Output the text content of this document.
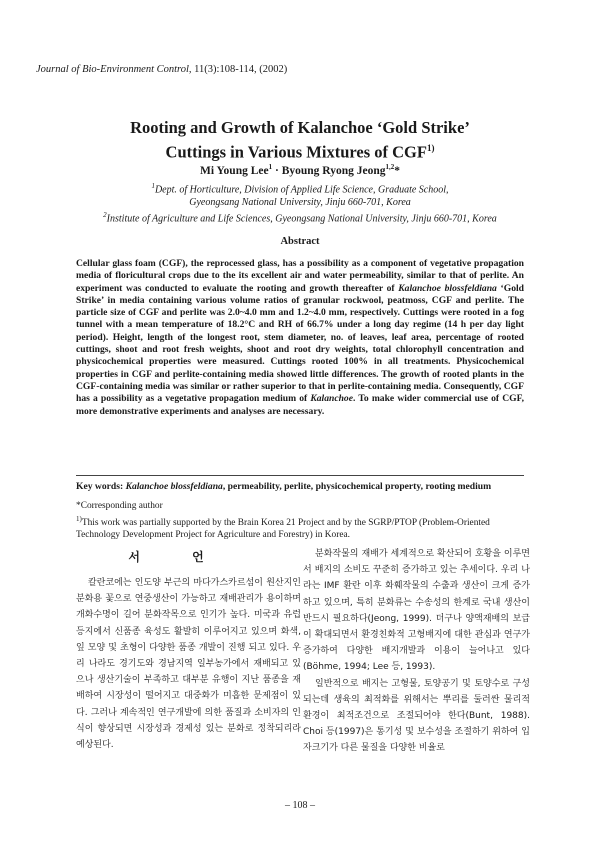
Journal of Bio-Environment Control, 11(3):108-114, (2002)
Rooting and Growth of Kalanchoe ‘Gold Strike’
Cuttings in Various Mixtures of CGF$^{1)}$
Mi Young Lee$^1$ · Byoung Ryong Jeong$^{1,2}$*
$^1$Dept. of Horticulture, Division of Applied Life Science, Graduate School,
Gyeongsang National University, Jinju 660-701, Korea
$^2$Institute of Agriculture and Life Sciences, Gyeongsang National University, Jinju 660-701, Korea
Abstract
Cellular glass foam (CGF), the reprocessed glass, has a possibility as a component of vegetative propagation media of floricultural crops due to the its excellent air and water permeability, similar to that of perlite. An experiment was conducted to evaluate the rooting and growth thereafter of Kalanchoe blossfeldiana ‘Gold Strike’ in media containing various volume ratios of granular rockwool, peatmoss, CGF and perlite. The particle size of CGF and perlite was 2.0~4.0 mm and 1.2~4.0 mm, respectively. Cuttings were rooted in a fog tunnel with a mean temperature of 18.2°C and RH of 66.7% under a long day regime (14 h per day light period). Height, length of the longest root, stem diameter, no. of leaves, leaf area, percentage of rooted cuttings, shoot and root fresh weights, shoot and root dry weights, total chlorophyll concentration and physicochemical properties were measured. Cuttings rooted 100% in all treatments. Physicochemical properties in CGF and perlite-containing media showed little differences. The growth of rooted plants in the CGF-containing media was similar or rather superior to that in perlite-containing media. Consequently, CGF has a possibility as a vegetative propagation medium of Kalanchoe. To make wider commercial use of CGF, more demonstrative experiments and analyses are necessary.
Key words: Kalanchoe blossfeldiana, permeability, perlite, physicochemical property, rooting medium

*Corresponding author

$^{1)}$This work was partially supported by the Brain Korea 21 Project and by the SGRP/PTOP (Problem-Oriented Technology Development Project for Agriculture and Forestry) in Korea.

서 언

칼란코에는 인도양 부근의 마다가스카르섬이 원산지인 분화용 꽃으로 연중생산이 가능하고 재배관리가 용이하며 개화수명이 길어 분화작목으로 인기가 높다. 미국과 유럽 등지에서 신품종 육성도 활발히 이루어지고 있으며 화색, 잎 모양 및 초형이 다양한 품종 개발이 진행 되고 있다. 우리 나라도 경기도와 경남지역 일부농가에서 재배되고 있으나 생산기술이 부족하고 대부분 유행이 지난 품종을 재배하여 시장성이 떨어지고 대중화가 미흡한 문제점이 있다. 그러나 계속적인 연구개발에 의한 품질과 소비자의 인식이 향상되면 시장성과 경제성 있는 분화로 정착되리라 예상된다.

분화작물의 재배가 세계적으로 확산되어 호황을 이루면서 배지의 소비도 꾸준히 증가하고 있는 추세이다. 우리 나라는 IMF 환란 이후 화훼작물의 수출과 생산이 크게 증가하고 있으며, 특히 분화류는 수송성의 한계로 국내 생산이 반드시 필요하다(Jeong, 1999). 더구나 양액재배의 보급이 확대되면서 환경친화적 고형배지에 대한 관심과 연구가 증가하여 다양한 배지개발과 이용이 늘어나고 있다(Böhme, 1994; Lee 등, 1993).

일반적으로 배지는 고형물, 토양공기 및 토양수로 구성되는데 생육의 최적화를 위해서는 뿌리를 둘러싼 물리적 환경이 최적조건으로 조절되어야 한다(Bunt, 1988). Choi 등(1997)은 통기성 및 보수성을 조절하기 위하여 입자크기가 다른 물질을 다양한 비율로

– 108 –
